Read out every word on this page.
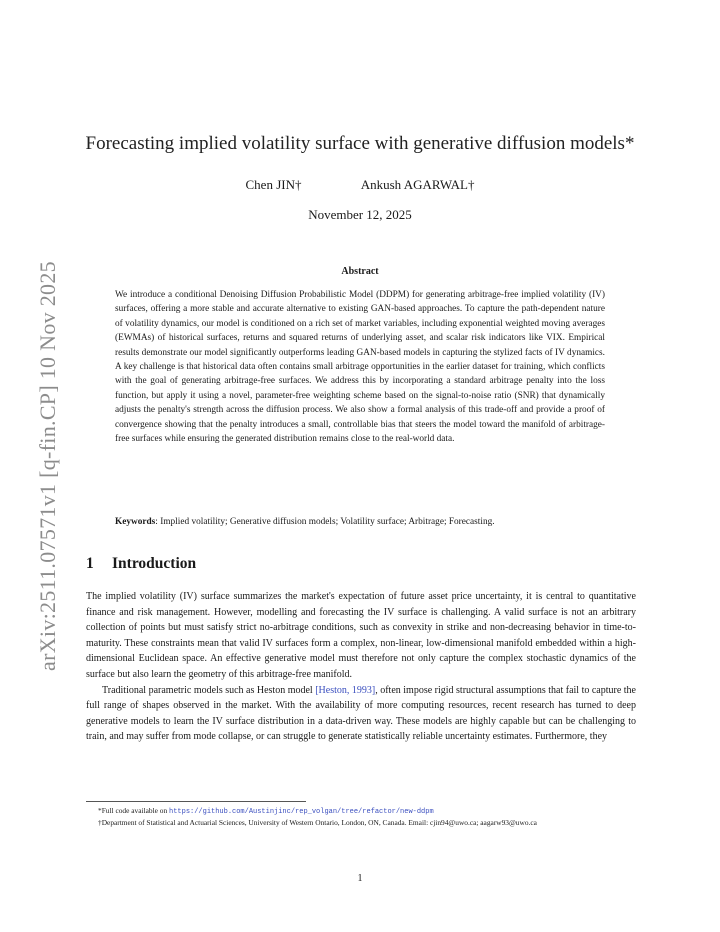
arXiv:2511.07571v1 [q-fin.CP] 10 Nov 2025
Forecasting implied volatility surface with generative diffusion models*
Chen JIN†	Ankush AGARWAL†
November 12, 2025
Abstract

We introduce a conditional Denoising Diffusion Probabilistic Model (DDPM) for generating arbitrage-free implied volatility (IV) surfaces, offering a more stable and accurate alternative to existing GAN-based approaches. To capture the path-dependent nature of volatility dynamics, our model is conditioned on a rich set of market variables, including exponential weighted moving averages (EWMAs) of historical surfaces, returns and squared returns of underlying asset, and scalar risk indicators like VIX. Empirical results demonstrate our model significantly outperforms leading GAN-based models in capturing the stylized facts of IV dynamics. A key challenge is that historical data often contains small arbitrage opportunities in the earlier dataset for training, which conflicts with the goal of generating arbitrage-free surfaces. We address this by incorporating a standard arbitrage penalty into the loss function, but apply it using a novel, parameter-free weighting scheme based on the signal-to-noise ratio (SNR) that dynamically adjusts the penalty's strength across the diffusion process. We also show a formal analysis of this trade-off and provide a proof of convergence showing that the penalty introduces a small, controllable bias that steers the model toward the manifold of arbitrage-free surfaces while ensuring the generated distribution remains close to the real-world data.

Keywords: Implied volatility; Generative diffusion models; Volatility surface; Arbitrage; Forecasting.

1 Introduction

The implied volatility (IV) surface summarizes the market's expectation of future asset price uncertainty, it is central to quantitative finance and risk management. However, modelling and forecasting the IV surface is challenging. A valid surface is not an arbitrary collection of points but must satisfy strict no-arbitrage conditions, such as convexity in strike and non-decreasing behavior in time-to-maturity. These constraints mean that valid IV surfaces form a complex, non-linear, low-dimensional manifold embedded within a high-dimensional Euclidean space. An effective generative model must therefore not only capture the complex stochastic dynamics of the surface but also learn the geometry of this arbitrage-free manifold.

Traditional parametric models such as Heston model [Heston, 1993], often impose rigid structural assumptions that fail to capture the full range of shapes observed in the market. With the availability of more computing resources, recent research has turned to deep generative models to learn the IV surface distribution in a data-driven way. These models are highly capable but can be challenging to train, and may suffer from mode collapse, or can struggle to generate statistically reliable uncertainty estimates. Furthermore, they

*Full code available on https://github.com/Austinjinc/rep_volgan/tree/refactor/new-ddpm

†Department of Statistical and Actuarial Sciences, University of Western Ontario, London, ON, Canada. Email: cjin94@uwo.ca; aagarw93@uwo.ca

1
